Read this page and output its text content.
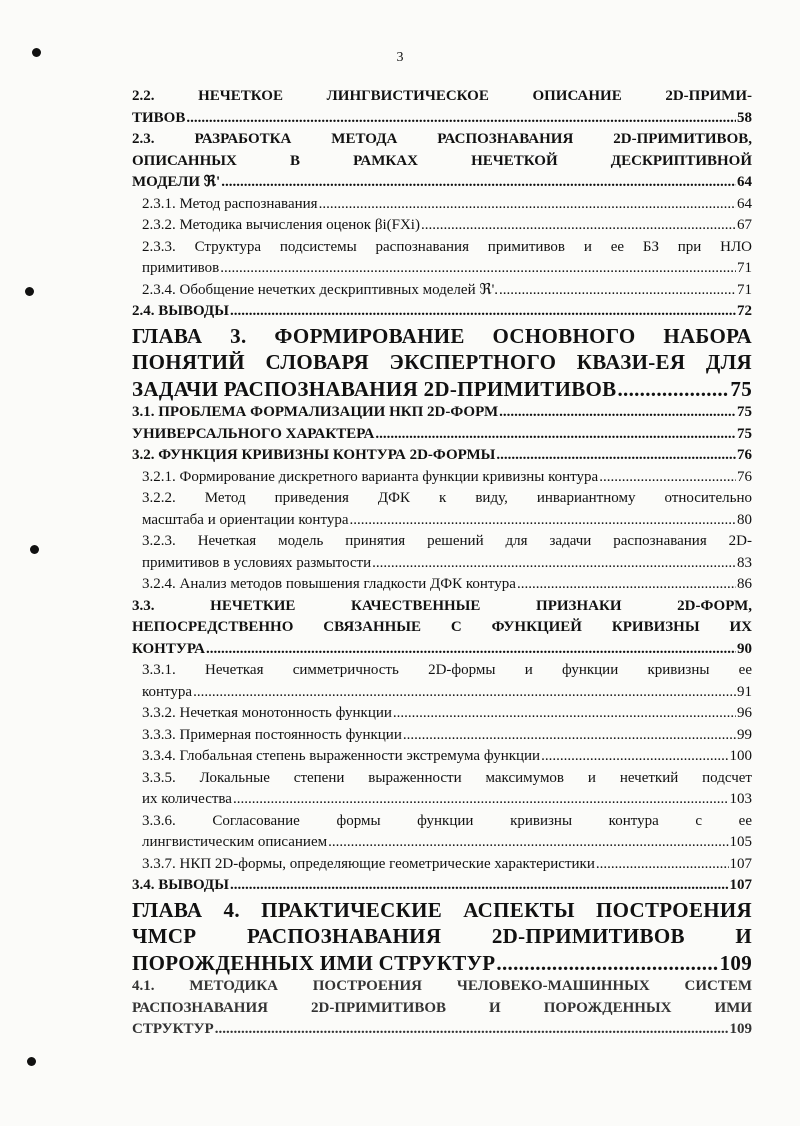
3
2.2. НЕЧЕТКОЕ ЛИНГВИСТИЧЕСКОЕ ОПИСАНИЕ 2D-ПРИМИ-
ТИВОВ .....	58
2.3. РАЗРАБОТКА МЕТОДА РАСПОЗНАВАНИЯ 2D-ПРИМИТИВОВ,
ОПИСАННЫХ В РАМКАХ НЕЧЕТКОЙ ДЕСКРИПТИВНОЙ
МОДЕЛИ ℜ' .....	64
2.3.1. Метод распознавания .....	64
2.3.2. Методика вычисления оценок βi(FXi) .....	67
2.3.3. Структура подсистемы распознавания примитивов и ее БЗ при НЛО
примитивов .....	71
2.3.4. Обобщение нечетких дескриптивных моделей ℜ'. .....	71
2.4. ВЫВОДЫ .....	72
ГЛАВА 3. ФОРМИРОВАНИЕ ОСНОВНОГО НАБОРА
ПОНЯТИЙ СЛОВАРЯ ЭКСПЕРТНОГО КВАЗИ-ЕЯ ДЛЯ
ЗАДАЧИ РАСПОЗНАВАНИЯ 2D-ПРИМИТИВОВ .....	75
3.1. ПРОБЛЕМА ФОРМАЛИЗАЦИИ НКП 2D-ФОРМ .....	75
УНИВЕРСАЛЬНОГО ХАРАКТЕРА .....	75
3.2. ФУНКЦИЯ КРИВИЗНЫ КОНТУРА 2D-ФОРМЫ .....	76
3.2.1. Формирование дискретного варианта функции кривизны контура .....	76
3.2.2. Метод приведения ДФК к виду, инвариантному относительно
масштаба и ориентации контура .....	80
3.2.3. Нечеткая модель принятия решений для задачи распознавания 2D-
примитивов в условиях размытости .....	83
3.2.4. Анализ методов повышения гладкости ДФК контура .....	86
3.3. НЕЧЕТКИЕ КАЧЕСТВЕННЫЕ ПРИЗНАКИ 2D-ФОРМ,
НЕПОСРЕДСТВЕННО СВЯЗАННЫЕ С ФУНКЦИЕЙ КРИВИЗНЫ ИХ
КОНТУРА .....	90
3.3.1. Нечеткая симметричность 2D-формы и функции кривизны ее
контура .....	91
3.3.2. Нечеткая монотонность функции .....	96
3.3.3. Примерная постоянность функции .....	99
3.3.4. Глобальная степень выраженности экстремума функции .....	100
3.3.5. Локальные степени выраженности максимумов и нечеткий подсчет
их количества .....	103
3.3.6. Согласование формы функции кривизны контура с ее
лингвистическим описанием .....	105
3.3.7. НКП 2D-формы, определяющие геометрические характеристики .....	107
3.4. ВЫВОДЫ .....	107
ГЛАВА 4. ПРАКТИЧЕСКИЕ АСПЕКТЫ ПОСТРОЕНИЯ
ЧМСР РАСПОЗНАВАНИЯ 2D-ПРИМИТИВОВ И
ПОРОЖДЕННЫХ ИМИ СТРУКТУР .....	109
4.1. МЕТОДИКА ПОСТРОЕНИЯ ЧЕЛОВЕКО-МАШИННЫХ СИСТЕМ
РАСПОЗНАВАНИЯ 2D-ПРИМИТИВОВ И ПОРОЖДЕННЫХ ИМИ
СТРУКТУР .....	109
